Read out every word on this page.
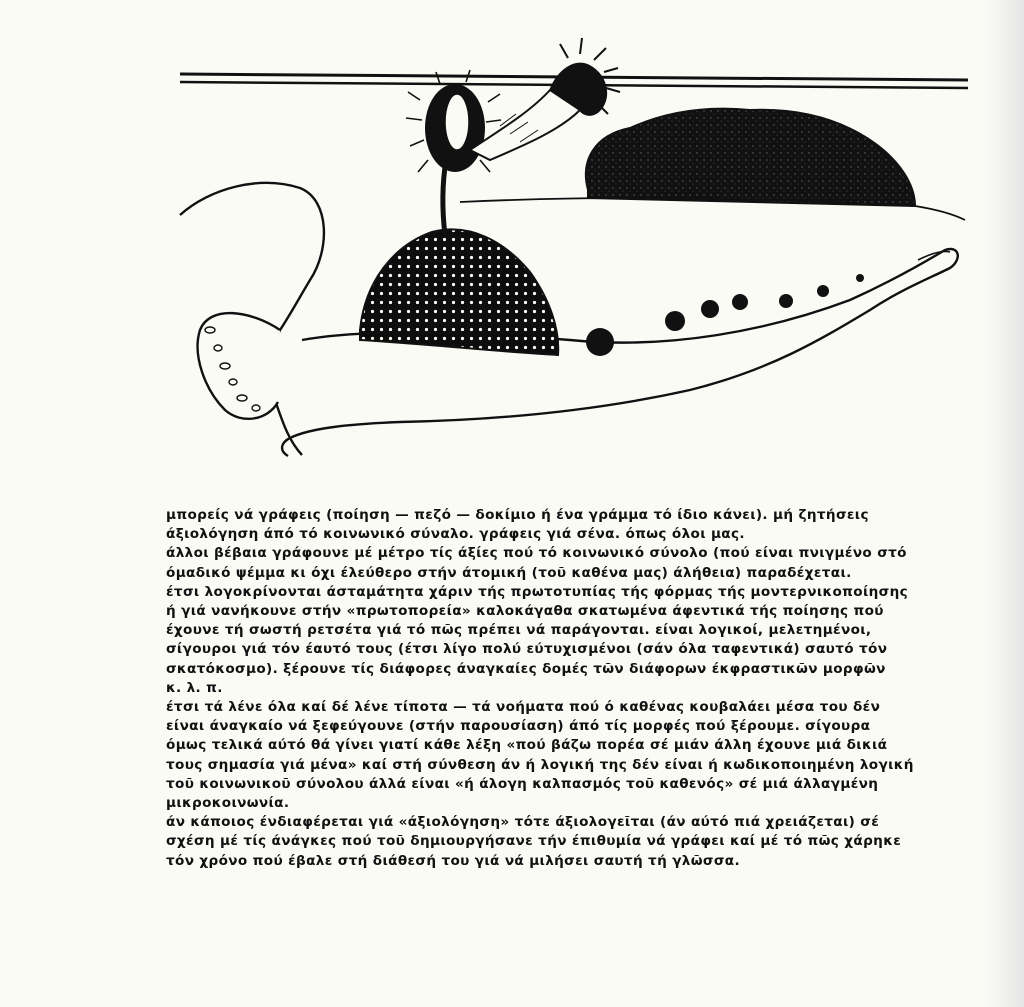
μπορείς νά γράφεις (ποίηση — πεζό — δοκίμιο ή ένα γράμμα τό ίδιο κάνει). μή ζητήσεις
άξιολόγηση άπό τό κοινωνικό σύναλο. γράφεις γιά σένα. όπως όλοι μας.
άλλοι βέβαια γράφουνε μέ μέτρο τίς άξίες πού τό κοινωνικό σύνολο (πού είναι πνιγμένο στό
όμαδικό ψέμμα κι όχι έλεύθερο στήν άτομική (τοῦ καθένα μας) άλήθεια) παραδέχεται.
έτσι λογοκρίνονται άσταμάτητα χάριν τής πρωτοτυπίας τής φόρμας τής μοντερνικοποίησης
ή γιά νανήκουνε στήν «πρωτοπορεία» καλοκάγαθα σκατωμένα άφεντικά τής ποίησης πού
έχουνε τή σωστή ρετσέτα γιά τό πῶς πρέπει νά παράγονται. είναι λογικοί, μελετημένοι,
σίγουροι γιά τόν έαυτό τους (έτσι λίγο πολύ εύτυχισμένοι (σάν όλα ταφεντικά) σαυτό τόν
σκατόκοσμο). ξέρουνε τίς διάφορες άναγκαίες δομές τῶν διάφορων έκφραστικῶν μορφῶν
κ. λ. π.
έτσι τά λένε όλα καί δέ λένε τίποτα — τά νοήματα πού ό καθένας κουβαλάει μέσα του δέν
είναι άναγκαίο νά ξεφεύγουνε (στήν παρουσίαση) άπό τίς μορφές πού ξέρουμε. σίγουρα
όμως τελικά αύτό θά γίνει γιατί κάθε λέξη «πού βάζω πορέα σέ μιάν άλλη έχουνε μιά δικιά
τους σημασία γιά μένα» καί στή σύνθεση άν ή λογική της δέν είναι ή κωδικοποιημένη λογική
τοῦ κοινωνικοῦ σύνολου άλλά είναι «ή άλογη καλπασμός τοῦ καθενός» σέ μιά άλλαγμένη
μικροκοινωνία.
άν κάποιος ένδιαφέρεται γιά «άξιολόγηση» τότε άξιολογεῖται (άν αύτό πιά χρειάζεται) σέ
σχέση μέ τίς άνάγκες πού τοῦ δημιουργήσανε τήν έπιθυμία νά γράφει καί μέ τό πῶς χάρηκε
τόν χρόνο πού έβαλε στή διάθεσή του γιά νά μιλήσει σαυτή τή γλῶσσα.
